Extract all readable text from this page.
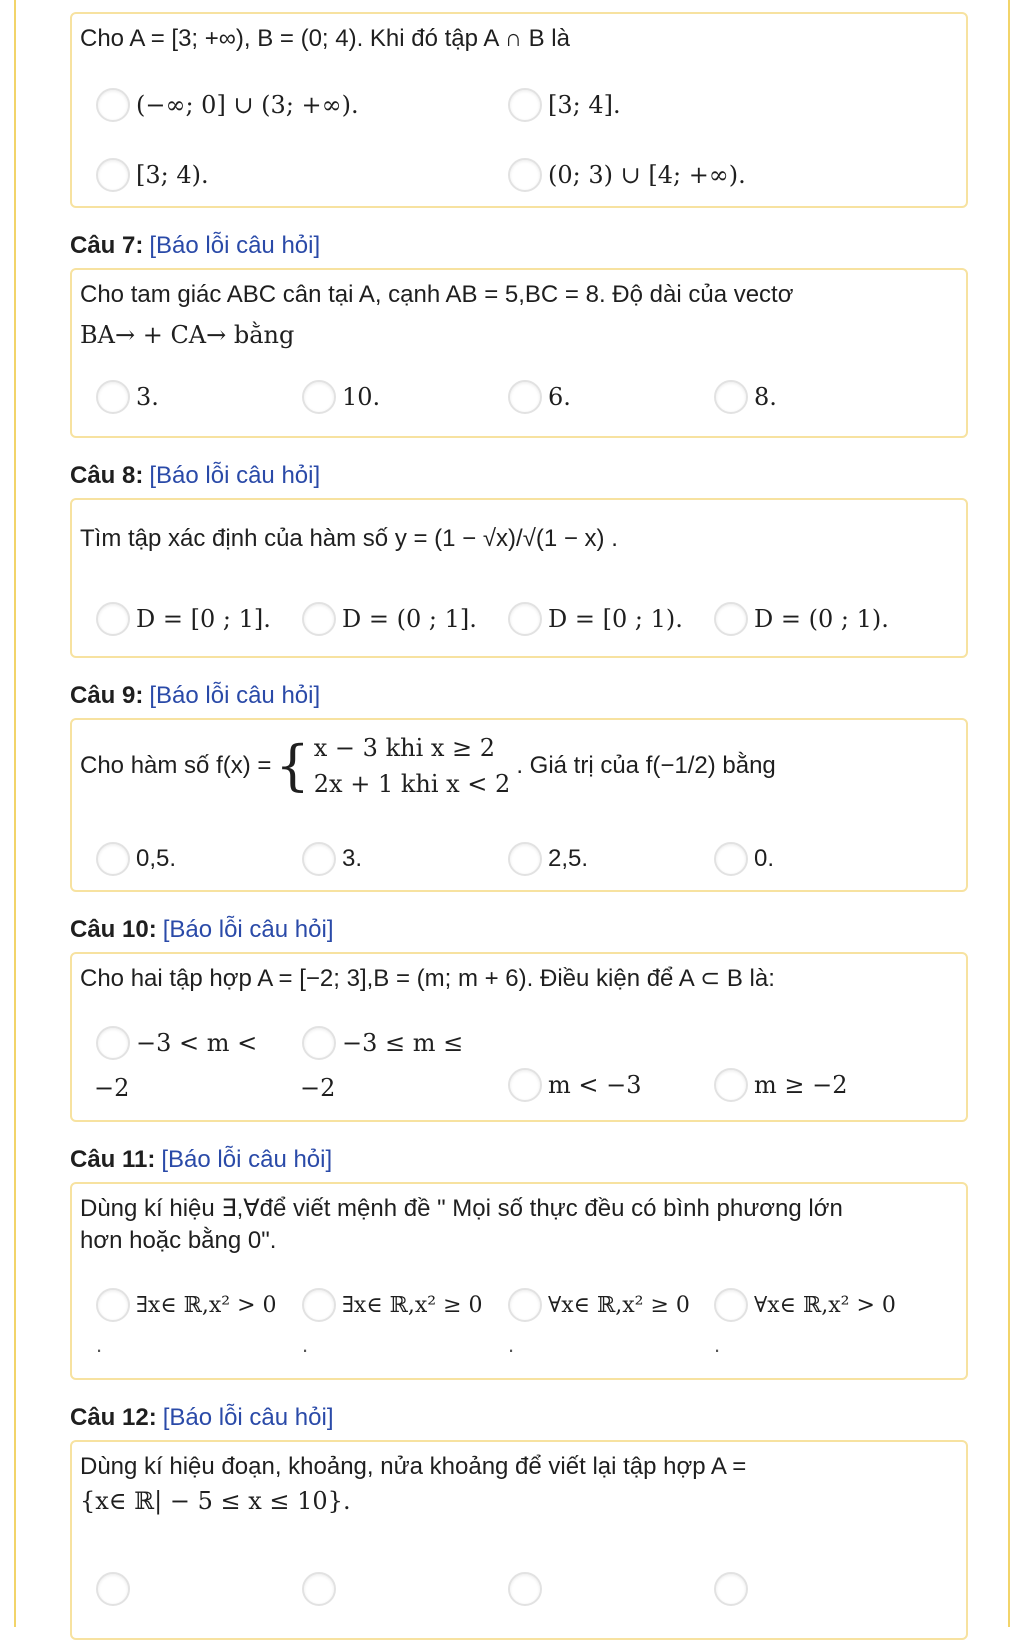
Cho A = [3; +∞), B = (0; 4). Khi đó tập A ∩ B là
(−∞; 0] ∪ (3; +∞).	[3; 4].
[3; 4).	(0; 3) ∪ [4; +∞).
Câu 7: [Báo lỗi câu hỏi]
Cho tam giác ABC cân tại A, cạnh AB = 5,BC = 8. Độ dài của vectơ
BA→ + CA→ bằng
3.	10.	6.	8.
Câu 8: [Báo lỗi câu hỏi]
Tìm tập xác định của hàm số y = (1 − √x)/√(1 − x) .
D = [0 ; 1].	D = (0 ; 1].	D = [0 ; 1).	D = (0 ; 1).
Câu 9: [Báo lỗi câu hỏi]
Cho hàm số f(x) = { x − 3 khi x ≥ 2
2x + 1 khi x < 2
. Giá trị của f(−1/2) bằng
0,5.	3.	2,5.	0.
Câu 10: [Báo lỗi câu hỏi]
Cho hai tập hợp A = [−2; 3],B = (m; m + 6). Điều kiện để A ⊂ B là:
−3 < m <
−2
−3 ≤ m ≤
−2	m < −3	m ≥ −2
Câu 11: [Báo lỗi câu hỏi]
Dùng kí hiệu ∃,∀để viết mệnh đề " Mọi số thực đều có bình phương lớn
hơn hoặc bằng 0".
∃x∈ ℝ,x² > 0	∃x∈ ℝ,x² ≥ 0	∀x∈ ℝ,x² ≥ 0	∀x∈ ℝ,x² > 0
.	.	.	.
Câu 12: [Báo lỗi câu hỏi]
Dùng kí hiệu đoạn, khoảng, nửa khoảng để viết lại tập hợp A =
{x∈ ℝ| − 5 ≤ x ≤ 10}.
